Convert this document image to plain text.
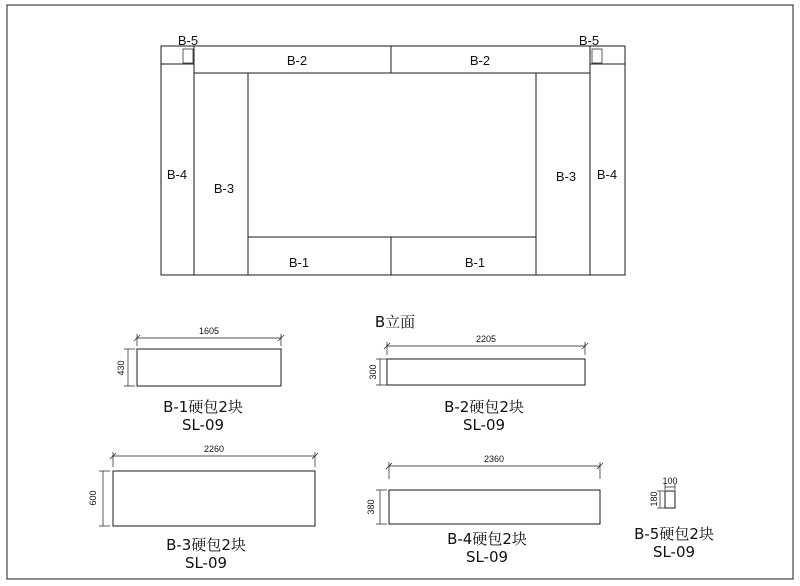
B-5	B-5
B-2	B-2
B-4	B-4
B-3
B-3
B-1	B-1
B立面
1605
430
B-1硬包2块
SL-09
2205
300
B-2硬包2块
SL-09
2260
600
B-3硬包2块
SL-09
2360
380
B-4硬包2块
SL-09
100
180
B-5硬包2块
SL-09
